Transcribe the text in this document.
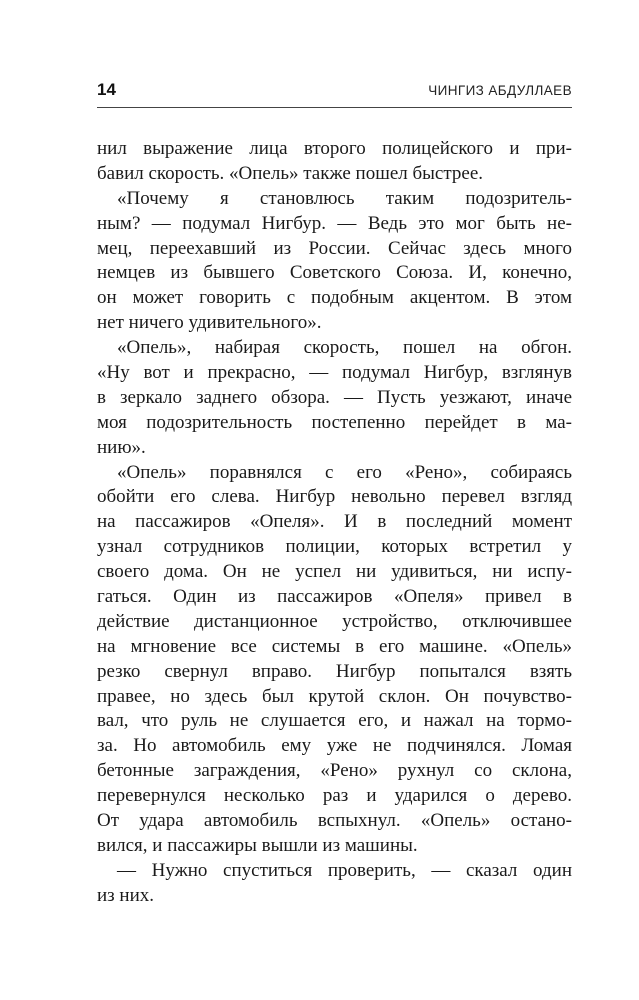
14	ЧИНГИЗ АБДУЛЛАЕВ
нил выражение лица второго полицейского и при-
бавил скорость. «Опель» также пошел быстрее.
«Почему я становлюсь таким подозритель-
ным? — подумал Нигбур. — Ведь это мог быть не-
мец, переехавший из России. Сейчас здесь много
немцев из бывшего Советского Союза. И, конечно,
он может говорить с подобным акцентом. В этом
нет ничего удивительного».
«Опель», набирая скорость, пошел на обгон.
«Ну вот и прекрасно, — подумал Нигбур, взглянув
в зеркало заднего обзора. — Пусть уезжают, иначе
моя подозрительность постепенно перейдет в ма-
нию».
«Опель» поравнялся с его «Рено», собираясь
обойти его слева. Нигбур невольно перевел взгляд
на пассажиров «Опеля». И в последний момент
узнал сотрудников полиции, которых встретил у
своего дома. Он не успел ни удивиться, ни испу-
гаться. Один из пассажиров «Опеля» привел в
действие дистанционное устройство, отключившее
на мгновение все системы в его машине. «Опель»
резко свернул вправо. Нигбур попытался взять
правее, но здесь был крутой склон. Он почувство-
вал, что руль не слушается его, и нажал на тормо-
за. Но автомобиль ему уже не подчинялся. Ломая
бетонные заграждения, «Рено» рухнул со склона,
перевернулся несколько раз и ударился о дерево.
От удара автомобиль вспыхнул. «Опель» остано-
вился, и пассажиры вышли из машины.
— Нужно спуститься проверить, — сказал один
из них.
